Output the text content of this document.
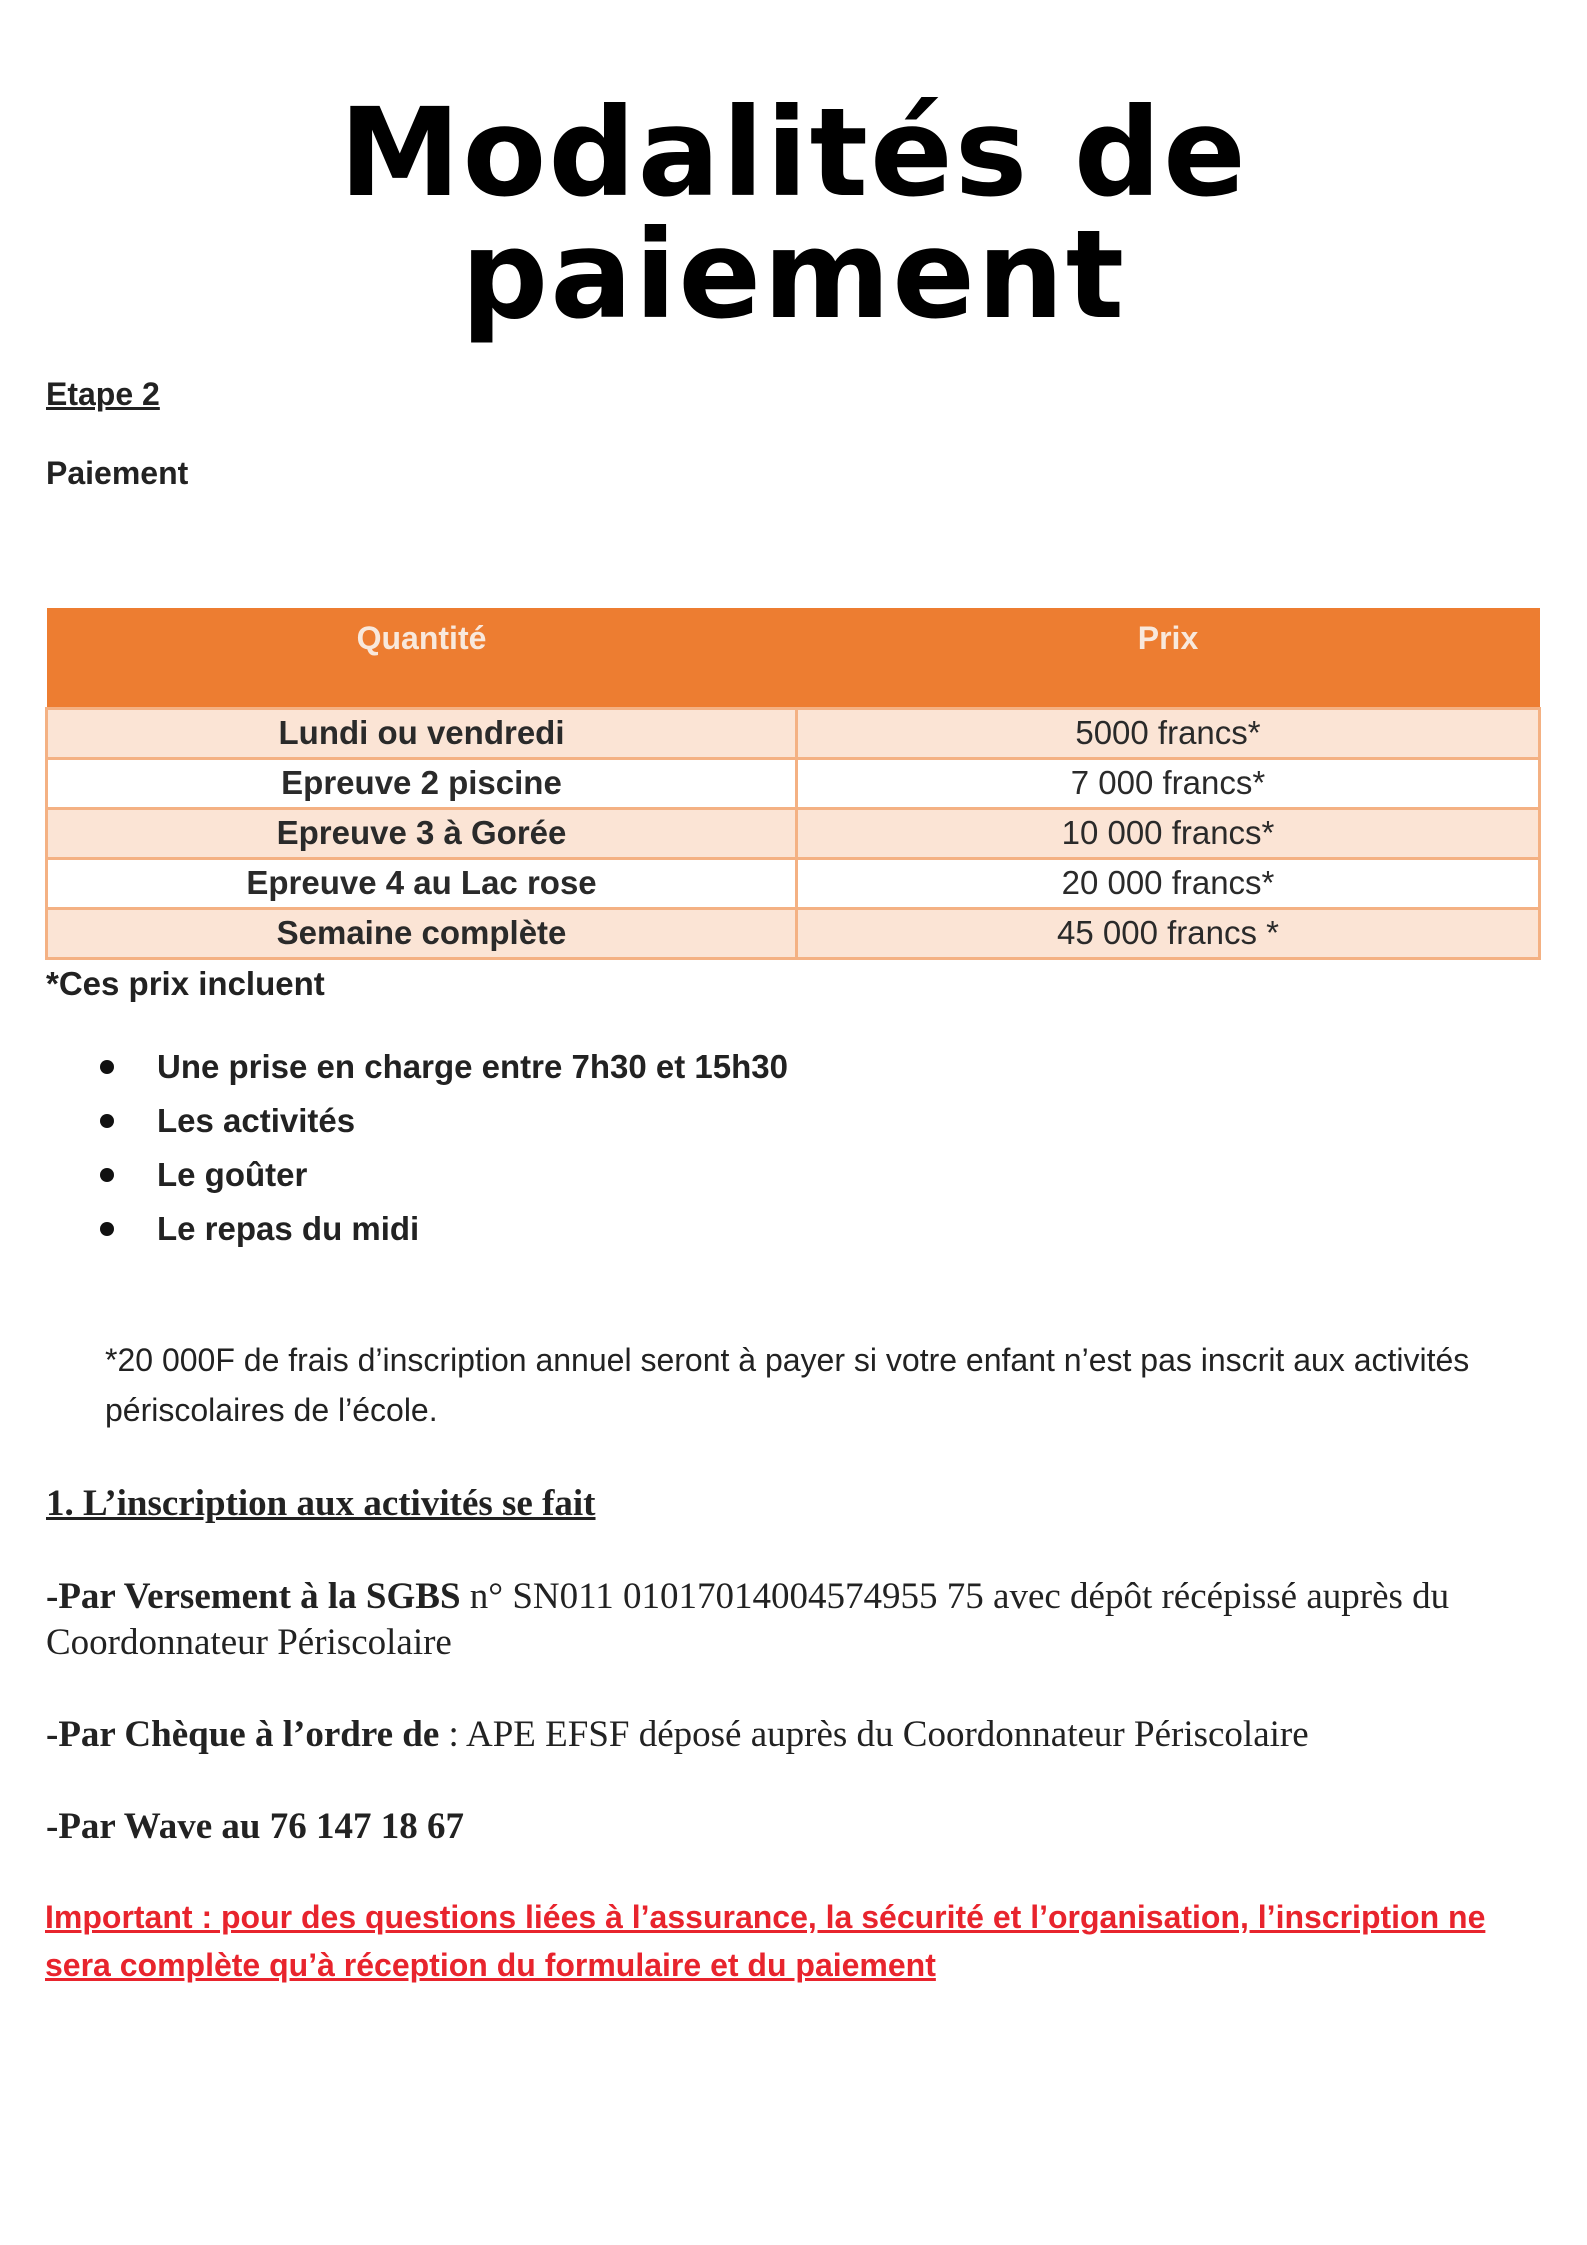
Modalités de paiement
Etape 2
Paiement
Quantité	Prix
Lundi ou vendredi	5000 francs*
Epreuve 2 piscine	7 000 francs*
Epreuve 3 à Gorée	10 000 francs*
Epreuve 4 au Lac rose	20 000 francs*
Semaine complète	45 000 francs *
*Ces prix incluent
Une prise en charge entre 7h30 et 15h30
Les activités
Le goûter
Le repas du midi
*20 000F de frais d’inscription annuel seront à payer si votre enfant n’est pas inscrit aux activités périscolaires de l’école.
1. L’inscription aux activités se fait
-Par Versement à la SGBS n° SN011 01017014004574955 75 avec dépôt récépissé auprès du Coordonnateur Périscolaire
-Par Chèque à l’ordre de : APE EFSF déposé auprès du Coordonnateur Périscolaire
-Par Wave au 76 147 18 67
Important : pour des questions liées à l’assurance, la sécurité et l’organisation, l’inscription ne sera complète qu’à réception du formulaire et du paiement
